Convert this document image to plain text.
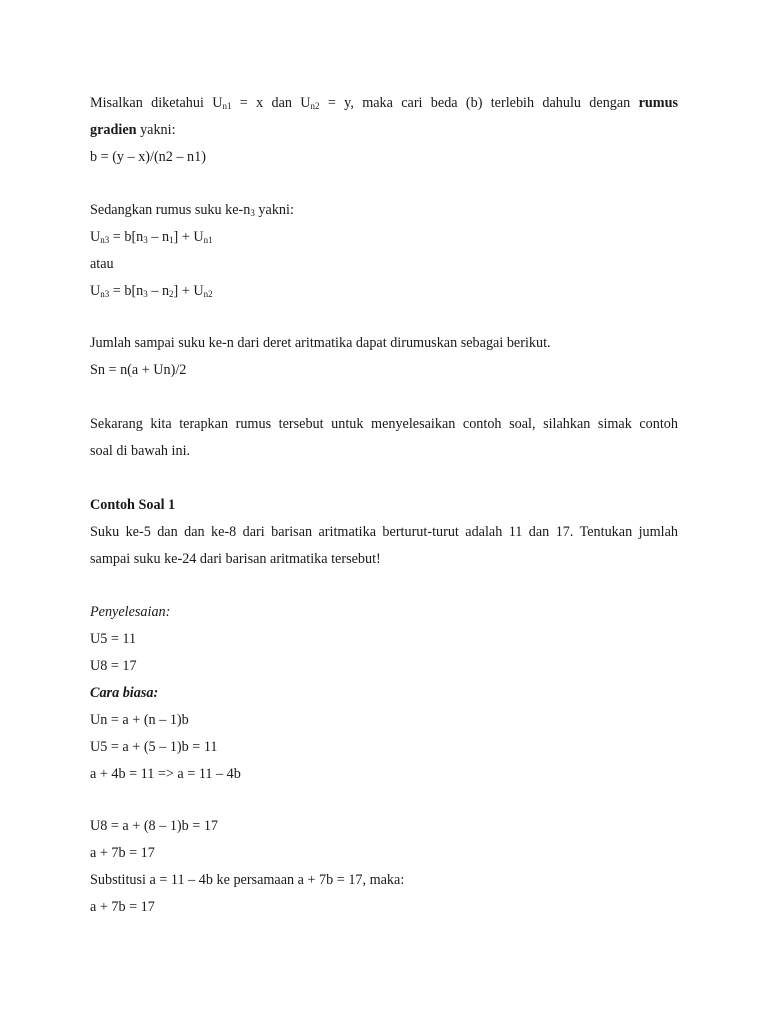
Misalkan diketahui $U_{n1} = x$ dan $U_{n2} = y$, maka cari beda (b) terlebih dahulu dengan rumus
gradien yakni:
b = (y – x)/(n2 – n1)
Sedangkan rumus suku $ke-n_3$ yakni:
$U_{n3} = b[n_3 - n_1] + U_{n1}$
atau
$U_{n3} = b[n_3 - n_2] + U_{n2}$
Jumlah sampai suku ke-n dari deret aritmatika dapat dirumuskan sebagai berikut.
Sn = n(a + Un)/2
Sekarang kita terapkan rumus tersebut untuk menyelesaikan contoh soal, silahkan simak contoh
soal di bawah ini.
Contoh Soal 1
Suku ke-5 dan dan ke-8 dari barisan aritmatika berturut-turut adalah 11 dan 17. Tentukan jumlah
sampai suku ke-24 dari barisan aritmatika tersebut!
Penyelesaian:
U5 = 11
U8 = 17
Cara biasa:
Un = a + (n – 1)b
U5 = a + (5 – 1)b = 11
a + 4b = 11 => a = 11 – 4b
U8 = a + (8 – 1)b = 17
a + 7b = 17
Substitusi a = 11 – 4b ke persamaan a + 7b = 17, maka:
a + 7b = 17
